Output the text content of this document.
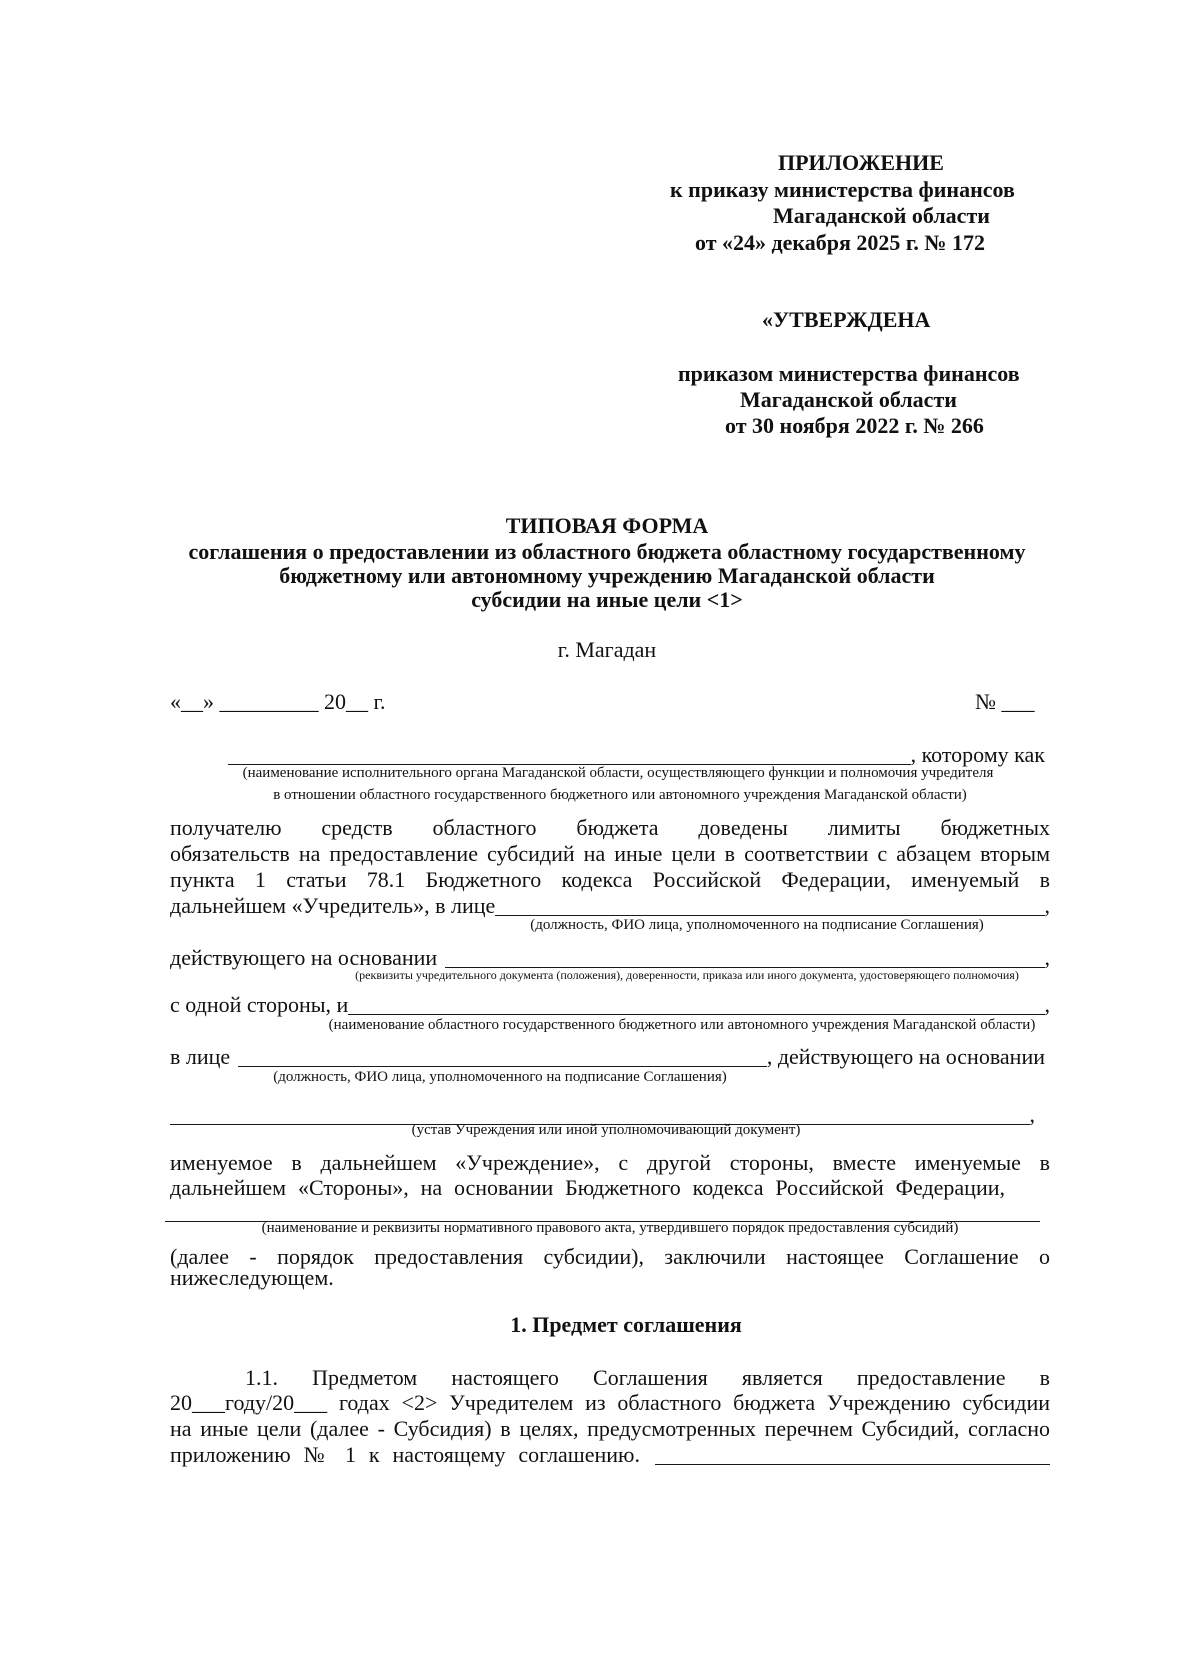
ПРИЛОЖЕНИЕ
к приказу министерства финансов
Магаданской области
от «24» декабря 2025 г. № 172
«УТВЕРЖДЕНА
приказом министерства финансов
Магаданской области
от 30 ноября 2022 г. № 266
ТИПОВАЯ ФОРМА
соглашения о предоставлении из областного бюджета областному государственному
бюджетному или автономному учреждению Магаданской области
субсидии на иные цели <1>
г. Магадан
«__» _________ 20__ г.	№ ___
, которому как
(наименование исполнительного органа Магаданской области, осуществляющего функции и полномочия учредителя
в отношении областного государственного бюджетного или автономного учреждения Магаданской области)
получателю средств областного бюджета доведены лимиты бюджетных
обязательств на предоставление субсидий на иные цели в соответствии с абзацем вторым
пункта 1 статьи 78.1 Бюджетного кодекса Российской Федерации, именуемый в
дальнейшем «Учредитель», в лице	,
(должность, ФИО лица, уполномоченного на подписание Соглашения)
действующего на основании	,
(реквизиты учредительного документа (положения), доверенности, приказа или иного документа, удостоверяющего полномочия)
с одной стороны, и	,
(наименование областного государственного бюджетного или автономного учреждения Магаданской области)
в лице	, действующего на основании
(должность, ФИО лица, уполномоченного на подписание Соглашения)
,
(устав Учреждения или иной уполномочивающий документ)
именуемое в дальнейшем «Учреждение», с другой стороны, вместе именуемые в
дальнейшем «Стороны», на основании Бюджетного кодекса Российской Федерации,
(наименование и реквизиты нормативного правового акта, утвердившего порядок предоставления субсидий)
(далее - порядок предоставления субсидии), заключили настоящее Соглашение о
нижеследующем.
1. Предмет соглашения
1.1. Предметом настоящего Соглашения является предоставление в
20___году/20___ годах <2> Учредителем из областного бюджета Учреждению субсидии
на иные цели (далее - Субсидия) в целях, предусмотренных перечнем Субсидий, согласно
приложению № 1 к настоящему соглашению.
